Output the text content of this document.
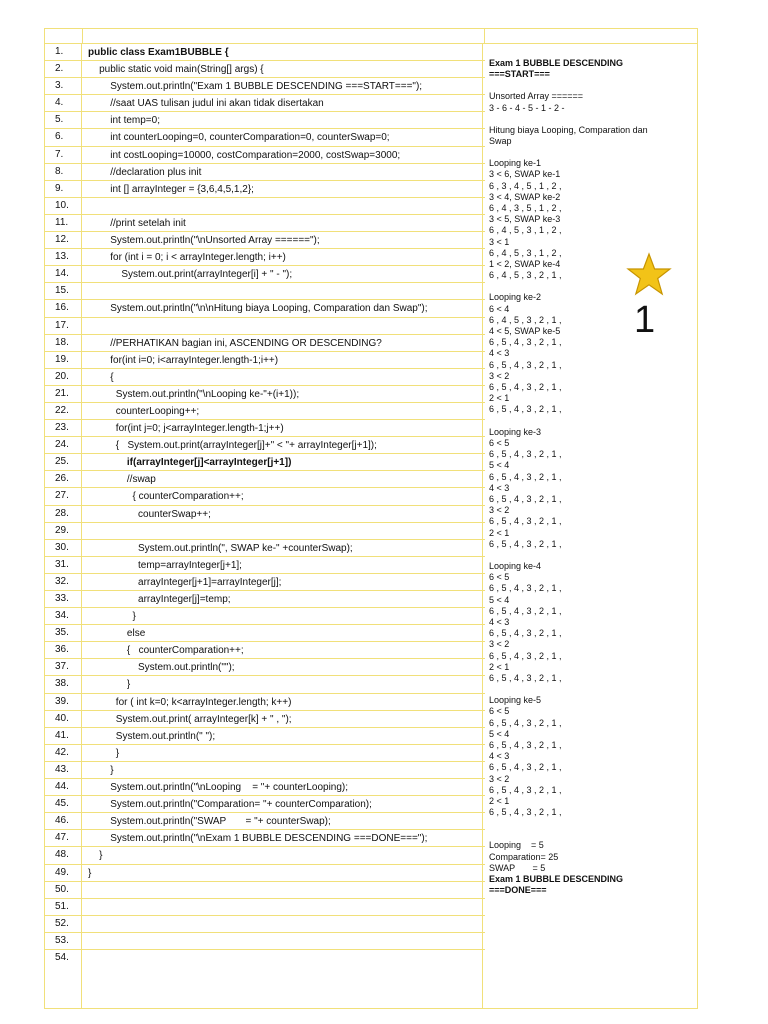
1.	public class Exam1BUBBLE {
2.	public static void main(String[] args) {
3.	System.out.println("Exam 1 BUBBLE DESCENDING ===START===");
4.	//saat UAS tulisan judul ini akan tidak disertakan
5.	int temp=0;
6.	int counterLooping=0, counterComparation=0, counterSwap=0;
7.	int costLooping=10000, costComparation=2000, costSwap=3000;
8.	//declaration plus init
9.	int [] arrayInteger = {3,6,4,5,1,2};
10.
11.	//print setelah init
12.	System.out.println("\nUnsorted Array ======");
13.	for (int i = 0; i < arrayInteger.length; i++)
14.	System.out.print(arrayInteger[i] + " - ");
15.
16.	System.out.println("\n\nHitung biaya Looping, Comparation dan Swap");
17.
18.	//PERHATIKAN bagian ini, ASCENDING OR DESCENDING?
19.	for(int i=0; i<arrayInteger.length-1;i++)
20.	{
21.	System.out.println("\nLooping ke-"+(i+1));
22.	counterLooping++;
23.	for(int j=0; j<arrayInteger.length-1;j++)
24.	{   System.out.print(arrayInteger[j]+" < "+ arrayInteger[j+1]);
25.	if(arrayInteger[j]<arrayInteger[j+1])
26.	//swap
27.	{ counterComparation++;
28.	counterSwap++;
29.
30.	System.out.println(", SWAP ke-" +counterSwap);
31.	temp=arrayInteger[j+1];
32.	arrayInteger[j+1]=arrayInteger[j];
33.	arrayInteger[j]=temp;
34.	}
35.	else
36.	{   counterComparation++;
37.	System.out.println("");
38.	}
39.	for ( int k=0; k<arrayInteger.length; k++)
40.	System.out.print( arrayInteger[k] + " , ");
41.	System.out.println(" ");
42.	}
43.	}
44.	System.out.println("\nLooping    = "+ counterLooping);
45.	System.out.println("Comparation= "+ counterComparation);
46.	System.out.println("SWAP       = "+ counterSwap);
47.	System.out.println("\nExam 1 BUBBLE DESCENDING ===DONE===");
48.	}
49.	}
50.
51.
52.
53.
54.
Exam 1 BUBBLE DESCENDING
===START===
Unsorted Array ======
3 - 6 - 4 - 5 - 1 - 2 -
Hitung biaya Looping, Comparation dan
Swap
Looping ke-1
3 < 6, SWAP ke-1
6 , 3 , 4 , 5 , 1 , 2 ,
3 < 4, SWAP ke-2
6 , 4 , 3 , 5 , 1 , 2 ,
3 < 5, SWAP ke-3
6 , 4 , 5 , 3 , 1 , 2 ,
3 < 1
6 , 4 , 5 , 3 , 1 , 2 ,
1 < 2, SWAP ke-4
6 , 4 , 5 , 3 , 2 , 1 ,
Looping ke-2
6 < 4
6 , 4 , 5 , 3 , 2 , 1 ,
4 < 5, SWAP ke-5
6 , 5 , 4 , 3 , 2 , 1 ,
4 < 3
6 , 5 , 4 , 3 , 2 , 1 ,
3 < 2
6 , 5 , 4 , 3 , 2 , 1 ,
2 < 1
6 , 5 , 4 , 3 , 2 , 1 ,
Looping ke-3
6 < 5
6 , 5 , 4 , 3 , 2 , 1 ,
5 < 4
6 , 5 , 4 , 3 , 2 , 1 ,
4 < 3
6 , 5 , 4 , 3 , 2 , 1 ,
3 < 2
6 , 5 , 4 , 3 , 2 , 1 ,
2 < 1
6 , 5 , 4 , 3 , 2 , 1 ,
Looping ke-4
6 < 5
6 , 5 , 4 , 3 , 2 , 1 ,
5 < 4
6 , 5 , 4 , 3 , 2 , 1 ,
4 < 3
6 , 5 , 4 , 3 , 2 , 1 ,
3 < 2
6 , 5 , 4 , 3 , 2 , 1 ,
2 < 1
6 , 5 , 4 , 3 , 2 , 1 ,
Looping ke-5
6 < 5
6 , 5 , 4 , 3 , 2 , 1 ,
5 < 4
6 , 5 , 4 , 3 , 2 , 1 ,
4 < 3
6 , 5 , 4 , 3 , 2 , 1 ,
3 < 2
6 , 5 , 4 , 3 , 2 , 1 ,
2 < 1
6 , 5 , 4 , 3 , 2 , 1 ,
Looping    = 5
Comparation= 25
SWAP       = 5
Exam 1 BUBBLE DESCENDING
===DONE===
1
